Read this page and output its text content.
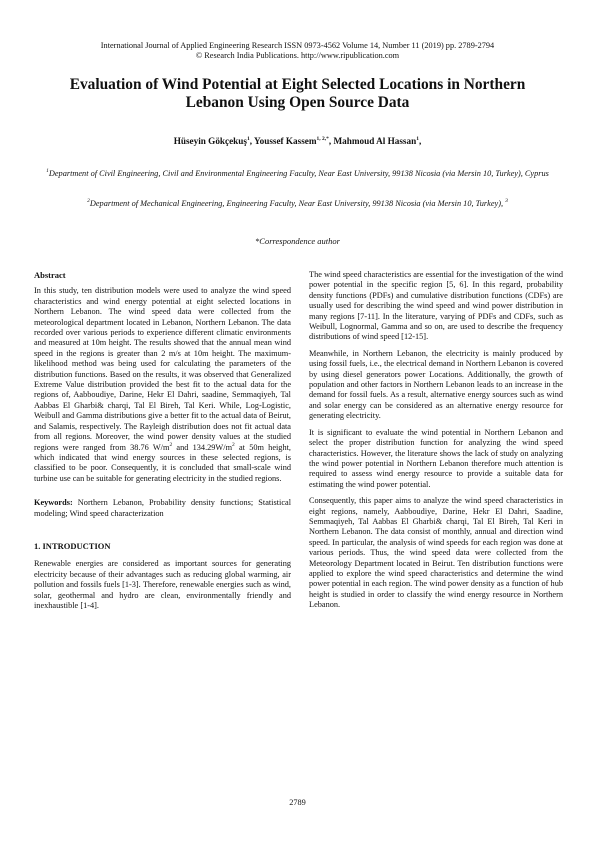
International Journal of Applied Engineering Research ISSN 0973-4562 Volume 14, Number 11 (2019) pp. 2789-2794
© Research India Publications. http://www.ripublication.com
Evaluation of Wind Potential at Eight Selected Locations in Northern Lebanon Using Open Source Data
Hüseyin Gökçekuş$^1$, Youssef Kassem$^{1, 2,*}$, Mahmoud Al Hassan$^1$,
$^1$Department of Civil Engineering, Civil and Environmental Engineering Faculty, Near East University, 99138 Nicosia (via Mersin 10, Turkey), Cyprus
$^2$Department of Mechanical Engineering, Engineering Faculty, Near East University, 99138 Nicosia (via Mersin 10, Turkey), $^3$
*Correspondence author
Abstract

In this study, ten distribution models were used to analyze the wind speed characteristics and wind energy potential at eight selected locations in Northern Lebanon. The wind speed data were collected from the meteorological department located in Lebanon, Northern Lebanon. The data recorded over various periods to experience different climatic environments and measured at 10m height. The results showed that the annual mean wind speed in the regions is greater than 2 m/s at 10m height. The maximum-likelihood method was being used for calculating the parameters of the distribution functions. Based on the results, it was observed that Generalized Extreme Value distribution provided the best fit to the actual data for the regions of, Aabboudiye, Darine, Hekr El Dahri, saadine, Semmaqiyeh, Tal Aabbas El Gharbi& charqi, Tal El Bireh, Tal Keri. While, Log-Logistic, Weibull and Gamma distributions give a better fit to the actual data of Beirut, and Salamis, respectively. The Rayleigh distribution does not fit actual data from all regions. Moreover, the wind power density values at the studied regions were ranged from 38.76 $W/m^2$ and $134.29W/m^2$ at 50m height, which indicated that wind energy sources in these selected regions, is classified to be poor. Consequently, it is concluded that small-scale wind turbine use can be suitable for generating electricity in the studied regions.

Keywords: Northern Lebanon, Probability density functions; Statistical modeling; Wind speed characterization

1. INTRODUCTION

Renewable energies are considered as important sources for generating electricity because of their advantages such as reducing global warming, air pollution and fossils fuels [1-3]. Therefore, renewable energies such as wind, solar, geothermal and hydro are clean, environmentally friendly and inexhaustible [1-4].

The wind speed characteristics are essential for the investigation of the wind power potential in the specific region [5, 6]. In this regard, probability density functions (PDFs) and cumulative distribution functions (CDFs) are usually used for describing the wind speed and wind power distribution in many regions [7-11]. In the literature, varying of PDFs and CDFs, such as Weibull, Lognormal, Gamma and so on, are used to describe the frequency distributions of wind speed [12-15].

Meanwhile, in Northern Lebanon, the electricity is mainly produced by using fossil fuels, i.e., the electrical demand in Northern Lebanon is covered by using diesel generators power Locations. Additionally, the growth of population and other factors in Northern Lebanon leads to an increase in the demand for fossil fuels. As a result, alternative energy sources such as wind and solar energy can be considered as an alternative energy resource for generating electricity.

It is significant to evaluate the wind potential in Northern Lebanon and select the proper distribution function for analyzing the wind speed characteristics. However, the literature shows the lack of study on analyzing the wind power potential in Northern Lebanon therefore much attention is required to assess wind energy resource to provide a suitable data for estimating the wind power potential.

Consequently, this paper aims to analyze the wind speed characteristics in eight regions, namely, Aabboudiye, Darine, Hekr El Dahri, Saadine, Semmaqiyeh, Tal Aabbas El Gharbi& charqi, Tal El Bireh, Tal Keri in Northern Lebanon. The data consist of monthly, annual and direction wind speed. In particular, the analysis of wind speeds for each region was done at various periods. Thus, the wind speed data were collected from the Meteorology Department located in Beirut. Ten distribution functions were applied to explore the wind speed characteristics and determine the wind power potential in each region. The wind power density as a function of hub height is studied in order to classify the wind energy resource in Northern Lebanon.

2789
